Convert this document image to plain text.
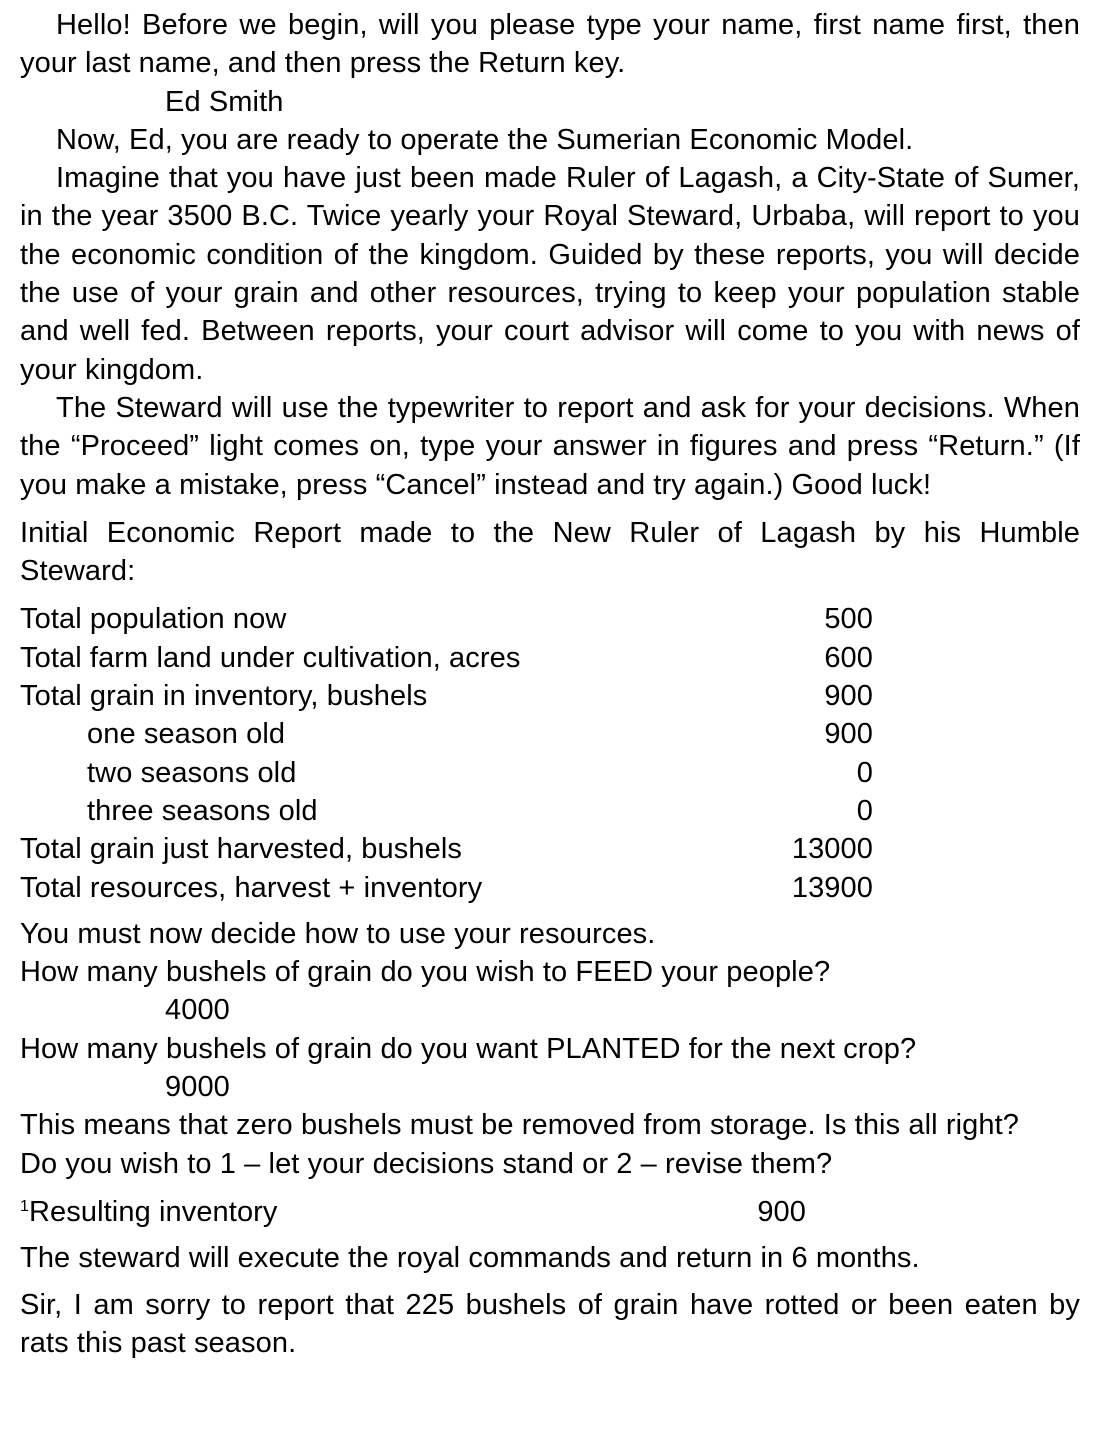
Hello! Before we begin, will you please type your name, first name first, then your last name, and then press the Return key.

Ed Smith

Now, Ed, you are ready to operate the Sumerian Economic Model.

Imagine that you have just been made Ruler of Lagash, a City-State of Sumer, in the year 3500 B.C. Twice yearly your Royal Steward, Urbaba, will report to you the economic condition of the kingdom. Guided by these reports, you will decide the use of your grain and other resources, trying to keep your population stable and well fed. Between reports, your court advisor will come to you with news of your kingdom.

The Steward will use the typewriter to report and ask for your decisions. When the “Proceed” light comes on, type your answer in figures and press “Return.” (If you make a mistake, press “Cancel” instead and try again.) Good luck!

Initial Economic Report made to the New Ruler of Lagash by his Humble Steward:

Total population now	500
Total farm land under cultivation, acres	600
Total grain in inventory, bushels	900
one season old	900
two seasons old	0
three seasons old	0
Total grain just harvested, bushels	13000
Total resources, harvest + inventory	13900

You must now decide how to use your resources.

How many bushels of grain do you wish to FEED your people?

4000

How many bushels of grain do you want PLANTED for the next crop?

9000

This means that zero bushels must be removed from storage. Is this all right?

Do you wish to 1 – let your decisions stand or 2 – revise them?

$^1$Resulting inventory	900

The steward will execute the royal commands and return in 6 months.

Sir, I am sorry to report that 225 bushels of grain have rotted or been eaten by rats this past season.
